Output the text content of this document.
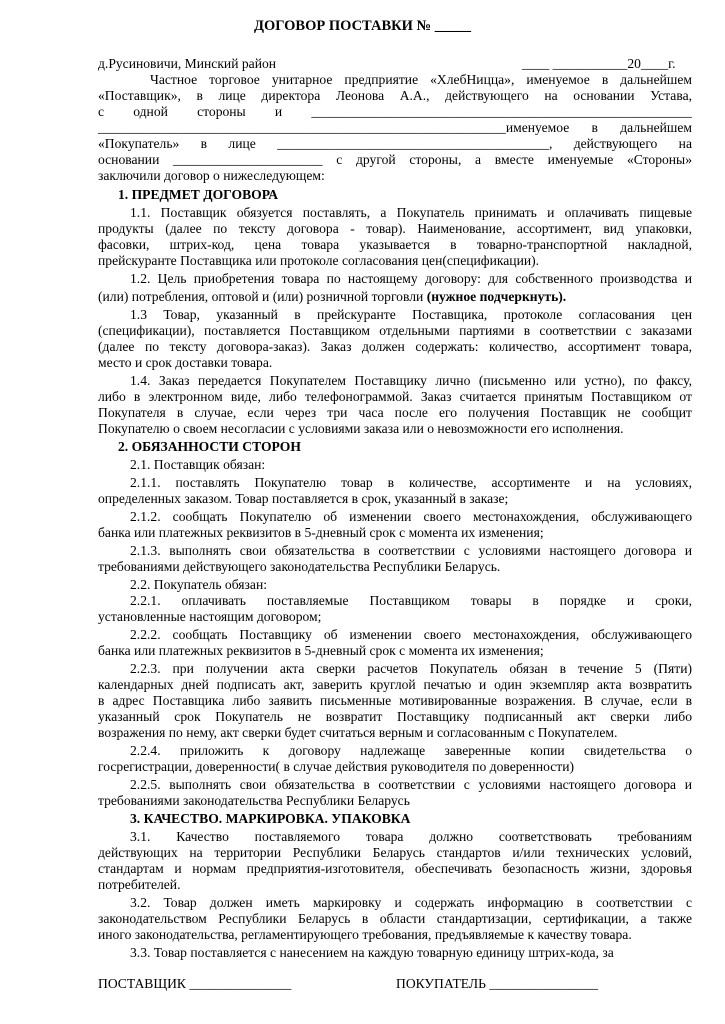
ДОГОВОР ПОСТАВКИ № _____
д.Русиновичи, Минский район	____ ___________20____г.
Частное торговое унитарное предприятие «ХлебНицца», именуемое в дальнейшем
«Поставщик», в лице директора Леонова А.А., действующего на основании Устава,
с одной стороны и ________________________________________________________
____________________________________________________________именуемое в дальнейшем
«Покупатель» в лице ________________________________________, действующего на
основании ______________________ с другой стороны, а вместе именуемые «Стороны»
заключили договор о нижеследующем:
1. ПРЕДМЕТ ДОГОВОРА
1.1. Поставщик обязуется поставлять, а Покупатель принимать и оплачивать пищевые
продукты (далее по тексту договора - товар). Наименование, ассортимент, вид упаковки,
фасовки, штрих-код, цена товара указывается в товарно-транспортной накладной,
прейскуранте Поставщика или протоколе согласования цен(спецификации).
1.2. Цель приобретения товара по настоящему договору: для собственного производства и
(или) потребления, оптовой и (или) розничной торговли (нужное подчеркнуть).
1.3 Товар, указанный в прейскуранте Поставщика, протоколе согласования цен
(спецификации), поставляется Поставщиком отдельными партиями в соответствии с заказами
(далее по тексту договора-заказ). Заказ должен содержать: количество, ассортимент товара,
место и срок доставки товара.
1.4. Заказ передается Покупателем Поставщику лично (письменно или устно), по факсу,
либо в электронном виде, либо телефонограммой. Заказ считается принятым Поставщиком от
Покупателя в случае, если через три часа после его получения Поставщик не сообщит
Покупателю о своем несогласии с условиями заказа или о невозможности его исполнения.
2. ОБЯЗАННОСТИ СТОРОН
2.1. Поставщик обязан:
2.1.1. поставлять Покупателю товар в количестве, ассортименте и на условиях,
определенных заказом. Товар поставляется в срок, указанный в заказе;
2.1.2. сообщать Покупателю об изменении своего местонахождения, обслуживающего
банка или платежных реквизитов в 5-дневный срок с момента их изменения;
2.1.3. выполнять свои обязательства в соответствии с условиями настоящего договора и
требованиями действующего законодательства Республики Беларусь.
2.2. Покупатель обязан:
2.2.1. оплачивать поставляемые Поставщиком товары в порядке и сроки,
установленные настоящим договором;
2.2.2. сообщать Поставщику об изменении своего местонахождения, обслуживающего
банка или платежных реквизитов в 5-дневный срок с момента их изменения;
2.2.3. при получении акта сверки расчетов Покупатель обязан в течение 5 (Пяти)
календарных дней подписать акт, заверить круглой печатью и один экземпляр акта возвратить
в адрес Поставщика либо заявить письменные мотивированные возражения. В случае, если в
указанный срок Покупатель не возвратит Поставщику подписанный акт сверки либо
возражения по нему, акт сверки будет считаться верным и согласованным с Покупателем.
2.2.4. приложить к договору надлежаще заверенные копии свидетельства о
госрегистрации, доверенности( в случае действия руководителя по доверенности)
2.2.5. выполнять свои обязательства в соответствии с условиями настоящего договора и
требованиями законодательства Республики Беларусь
3. КАЧЕСТВО. МАРКИРОВКА. УПАКОВКА
3.1. Качество поставляемого товара должно соответствовать требованиям
действующих на территории Республики Беларусь стандартов и/или технических условий,
стандартам и нормам предприятия-изготовителя, обеспечивать безопасность жизни, здоровья
потребителей.
3.2. Товар должен иметь маркировку и содержать информацию в соответствии с
законодательством Республики Беларусь в области стандартизации, сертификации, а также
иного законодательства, регламентирующего требования, предъявляемые к качеству товара.
3.3. Товар поставляется с нанесением на каждую товарную единицу штрих-кода, за
ПОСТАВЩИК _______________	ПОКУПАТЕЛЬ ________________
